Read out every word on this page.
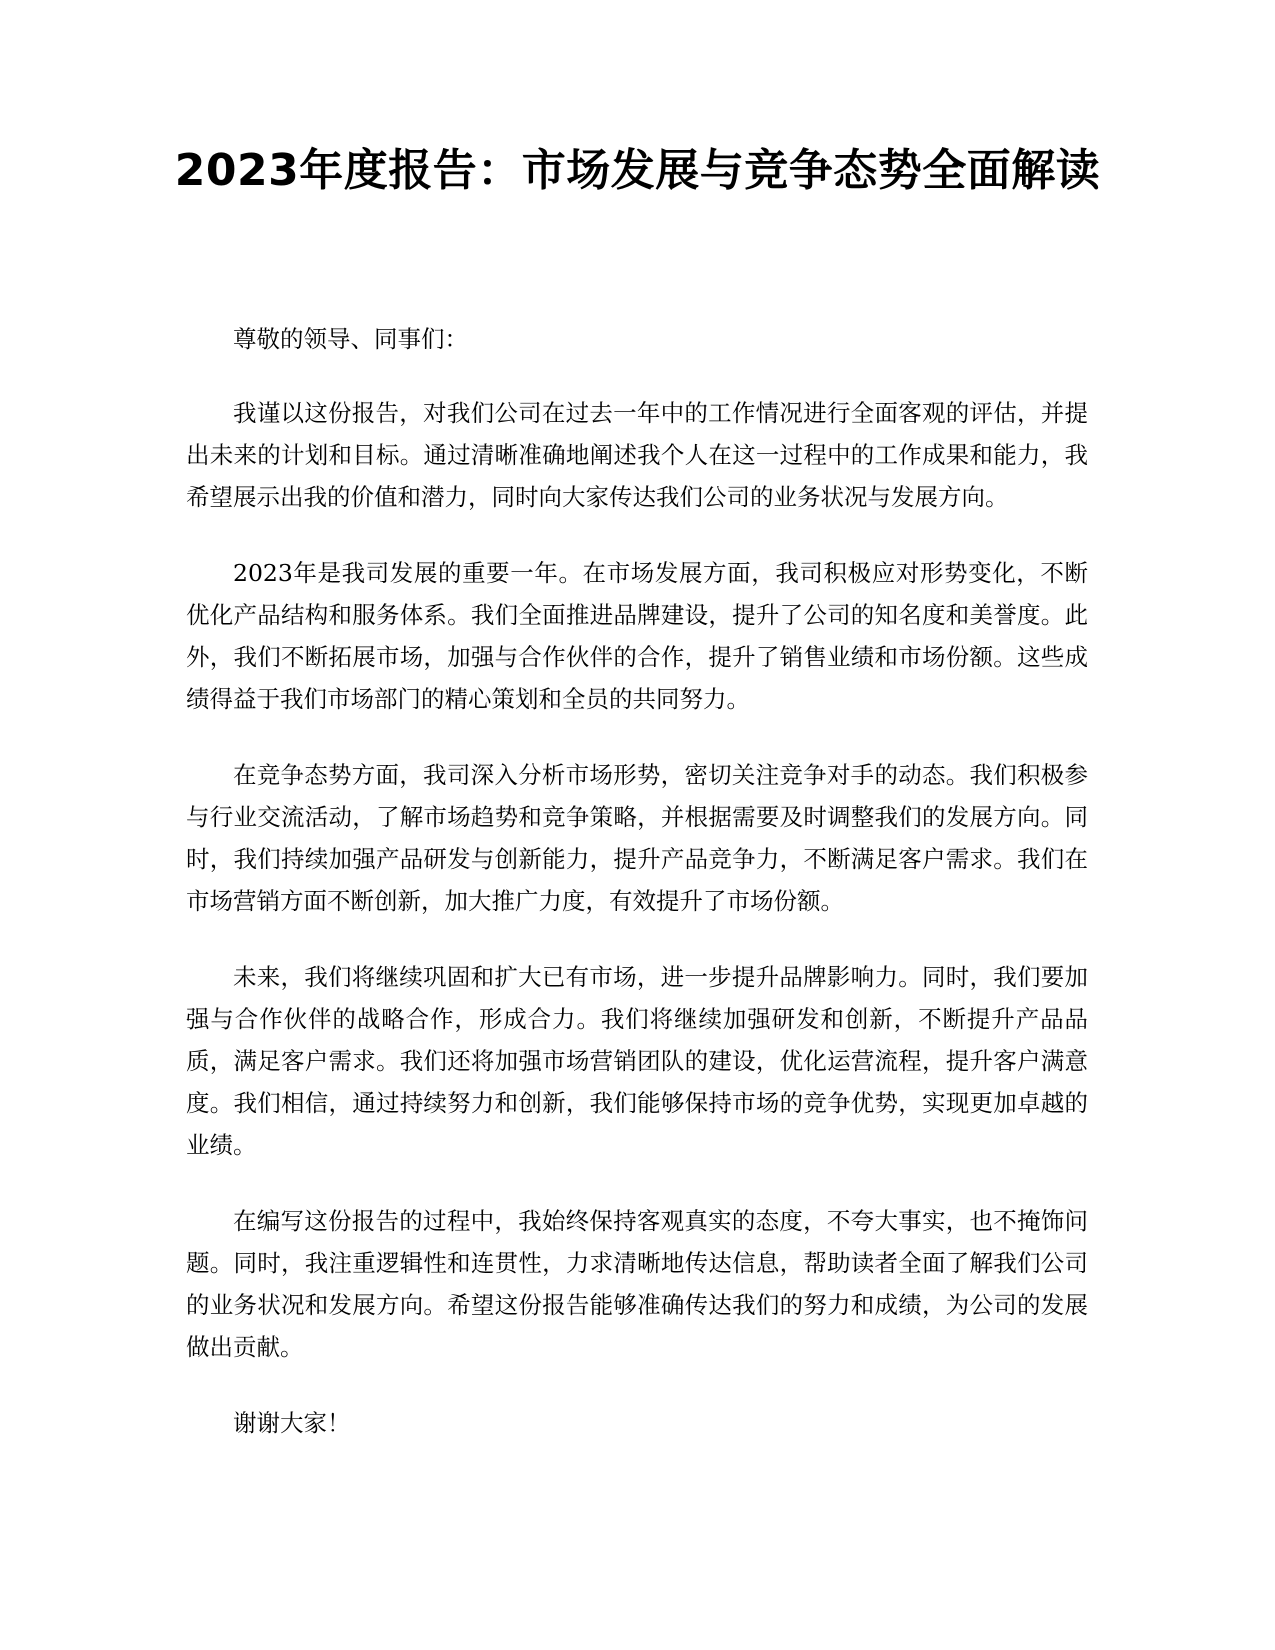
2023年度报告：市场发展与竞争态势全面解读

尊敬的领导、同事们：

我谨以这份报告，对我们公司在过去一年中的工作情况进行全面客观的评估，并提出未来的计划和目标。通过清晰准确地阐述我个人在这一过程中的工作成果和能力，我希望展示出我的价值和潜力，同时向大家传达我们公司的业务状况与发展方向。

2023年是我司发展的重要一年。在市场发展方面，我司积极应对形势变化，不断优化产品结构和服务体系。我们全面推进品牌建设，提升了公司的知名度和美誉度。此外，我们不断拓展市场，加强与合作伙伴的合作，提升了销售业绩和市场份额。这些成绩得益于我们市场部门的精心策划和全员的共同努力。

在竞争态势方面，我司深入分析市场形势，密切关注竞争对手的动态。我们积极参与行业交流活动，了解市场趋势和竞争策略，并根据需要及时调整我们的发展方向。同时，我们持续加强产品研发与创新能力，提升产品竞争力，不断满足客户需求。我们在市场营销方面不断创新，加大推广力度，有效提升了市场份额。

未来，我们将继续巩固和扩大已有市场，进一步提升品牌影响力。同时，我们要加强与合作伙伴的战略合作，形成合力。我们将继续加强研发和创新，不断提升产品品质，满足客户需求。我们还将加强市场营销团队的建设，优化运营流程，提升客户满意度。我们相信，通过持续努力和创新，我们能够保持市场的竞争优势，实现更加卓越的业绩。

在编写这份报告的过程中，我始终保持客观真实的态度，不夸大事实，也不掩饰问题。同时，我注重逻辑性和连贯性，力求清晰地传达信息，帮助读者全面了解我们公司的业务状况和发展方向。希望这份报告能够准确传达我们的努力和成绩，为公司的发展做出贡献。

谢谢大家！
